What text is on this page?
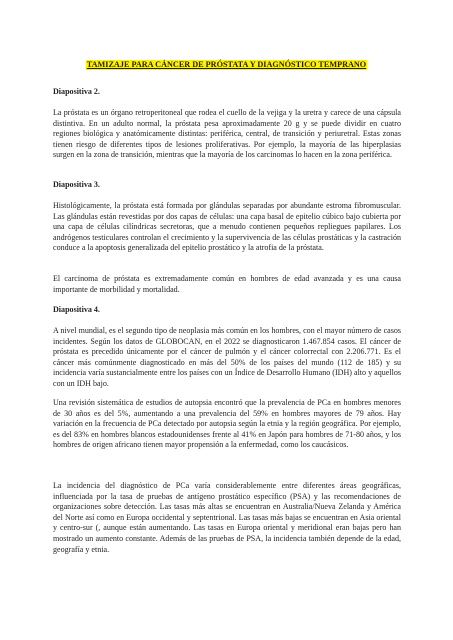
TAMIZAJE PARA CÁNCER DE PRÓSTATA Y DIAGNÓSTICO TEMPRANO

Diapositiva 2.

La próstata es un órgano retroperitoneal que rodea el cuello de la vejiga y la uretra y carece de una cápsula distintiva. En un adulto normal, la próstata pesa aproximadamente 20 g y se puede dividir en cuatro regiones biológica y anatómicamente distintas: periférica, central, de transición y periuretral. Estas zonas tienen riesgo de diferentes tipos de lesiones proliferativas. Por ejemplo, la mayoría de las hiperplasias surgen en la zona de transición, mientras que la mayoría de los carcinomas lo hacen en la zona periférica.

Diapositiva 3.

Histológicamente, la próstata está formada por glándulas separadas por abundante estroma fibromuscular. Las glándulas están revestidas por dos capas de células: una capa basal de epitelio cúbico bajo cubierta por una capa de células cilíndricas secretoras, que a menudo contienen pequeños repliegues papilares. Los andrógenos testiculares controlan el crecimiento y la supervivencia de las células prostáticas y la castración conduce a la apoptosis generalizada del epitelio prostático y la atrofia de la próstata.

El carcinoma de próstata es extremadamente común en hombres de edad avanzada y es una causa importante de morbilidad y mortalidad.

Diapositiva 4.

A nivel mundial, es el segundo tipo de neoplasia más común en los hombres, con el mayor número de casos incidentes. Según los datos de GLOBOCAN, en el 2022 se diagnosticaron 1.467.854 casos. El cáncer de próstata es precedido únicamente por el cáncer de pulmón y el cáncer colorrectal con 2.206.771. Es el cáncer más comúnmente diagnosticado en más del 50% de los países del mundo (112 de 185) y su incidencia varía sustancialmente entre los países con un Índice de Desarrollo Humano (IDH) alto y aquellos con un IDH bajo.

Una revisión sistemática de estudios de autopsia encontró que la prevalencia de PCa en hombres menores de 30 años es del 5%, aumentando a una prevalencia del 59% en hombres mayores de 79 años. Hay variación en la frecuencia de PCa detectado por autopsia según la etnia y la región geográfica. Por ejemplo, es del 83% en hombres blancos estadounidenses frente al 41% en Japón para hombres de 71-80 años, y los hombres de origen africano tienen mayor propensión a la enfermedad, como los caucásicos.

La incidencia del diagnóstico de PCa varía considerablemente entre diferentes áreas geográficas, influenciada por la tasa de pruebas de antígeno prostático específico (PSA) y las recomendaciones de organizaciones sobre detección. Las tasas más altas se encuentran en Australia/Nueva Zelanda y América del Norte así como en Europa occidental y septentrional. Las tasas más bajas se encuentran en Asia oriental y centro-sur (, aunque están aumentando. Las tasas en Europa oriental y meridional eran bajas pero han mostrado un aumento constante. Además de las pruebas de PSA, la incidencia también depende de la edad, geografía y etnia.
